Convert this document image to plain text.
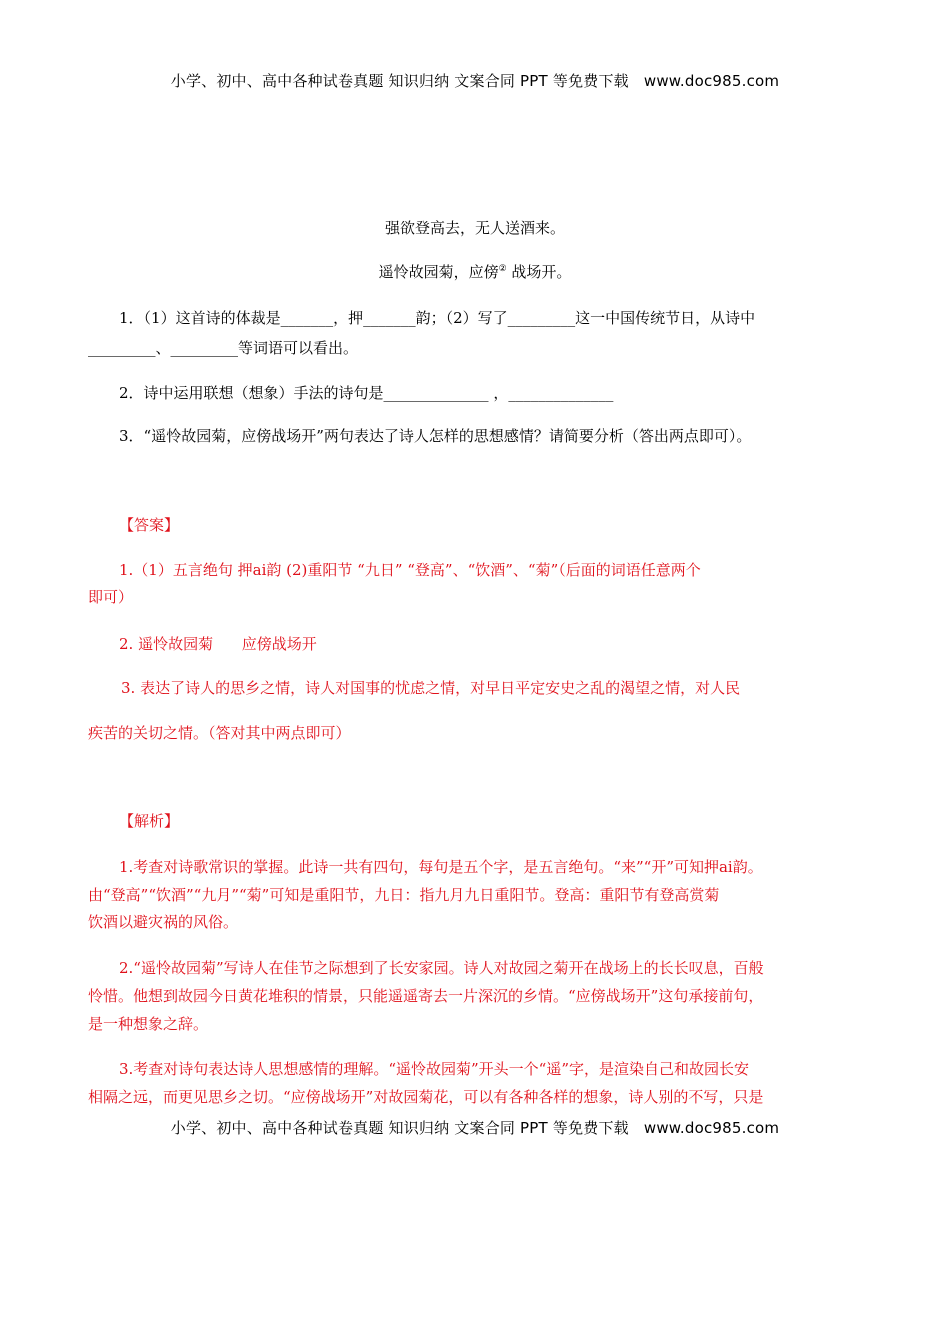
小学、初中、高中各种试卷真题 知识归纳 文案合同 PPT 等免费下载 www.doc985.com
强欲登高去，无人送酒来。
遥怜故园菊，应傍② 战场开。
1．（1）这首诗的体裁是_______，押_______韵；（2）写了_________这一中国传统节日，从诗中
_________、_________等词语可以看出。
2．诗中运用联想（想象）手法的诗句是______________ ，______________
3．“遥怜故园菊，应傍战场开”两句表达了诗人怎样的思想感情？请简要分析（答出两点即可）。
【答案】
1.（1）五言绝句 押ai韵 (2)重阳节 “九日” “登高”、“饮酒”、“菊”（后面的词语任意两个
即可）
2. 遥怜故园菊      应傍战场开
3. 表达了诗人的思乡之情，诗人对国事的忧虑之情，对早日平定安史之乱的渴望之情，对人民
疾苦的关切之情。（答对其中两点即可）
【解析】
1.考查对诗歌常识的掌握。此诗一共有四句，每句是五个字，是五言绝句。“来”“开”可知押ai韵。
由“登高”“饮酒”“九月”“菊”可知是重阳节，九日：指九月九日重阳节。登高：重阳节有登高赏菊
饮酒以避灾祸的风俗。
2.“遥怜故园菊”写诗人在佳节之际想到了长安家园。诗人对故园之菊开在战场上的长长叹息，百般
怜惜。他想到故园今日黄花堆积的情景，只能遥遥寄去一片深沉的乡情。“应傍战场开”这句承接前句，
是一种想象之辞。
3.考查对诗句表达诗人思想感情的理解。“遥怜故园菊”开头一个“遥”字，是渲染自己和故园长安
相隔之远，而更见思乡之切。“应傍战场开”对故园菊花，可以有各种各样的想象，诗人别的不写，只是
小学、初中、高中各种试卷真题 知识归纳 文案合同 PPT 等免费下载 www.doc985.com
